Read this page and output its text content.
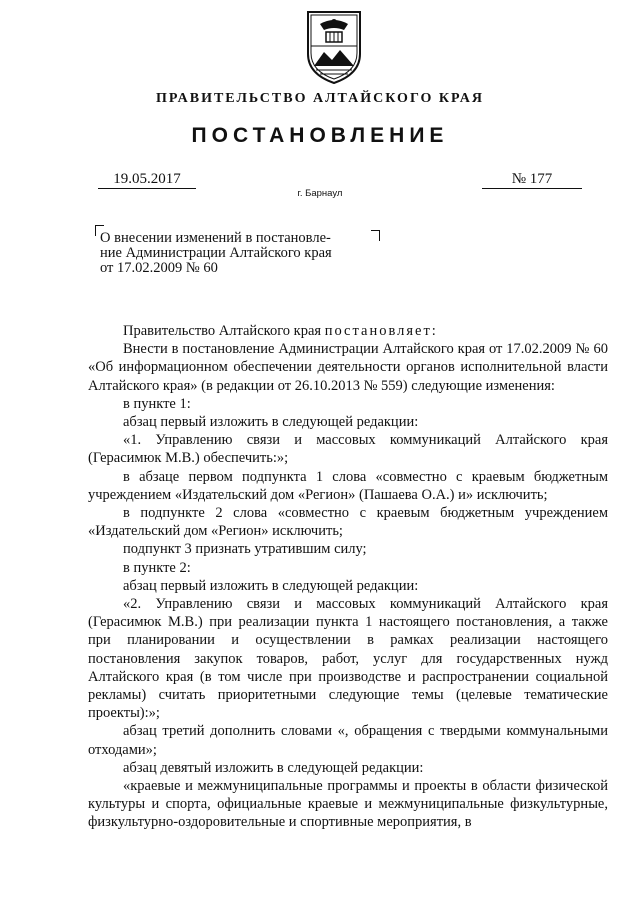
ПРАВИТЕЛЬСТВО АЛТАЙСКОГО КРАЯ
ПОСТАНОВЛЕНИЕ
19.05.2017	№ 177
г. Барнаул
О внесении изменений в постановле-
ние Администрации Алтайского края
от 17.02.2009 № 60

Правительство Алтайского края постановляет:

Внести в постановление Администрации Алтайского края от 17.02.2009 № 60 «Об информационном обеспечении деятельности органов исполнительной власти Алтайского края» (в редакции от 26.10.2013 № 559) следующие изменения:

в пункте 1:

абзац первый изложить в следующей редакции:

«1. Управлению связи и массовых коммуникаций Алтайского края (Герасимюк М.В.) обеспечить:»;

в абзаце первом подпункта 1 слова «совместно с краевым бюджетным учреждением «Издательский дом «Регион» (Пашаева О.А.) и» исключить;

в подпункте 2 слова «совместно с краевым бюджетным учреждением «Издательский дом «Регион» исключить;

подпункт 3 признать утратившим силу;

в пункте 2:

абзац первый изложить в следующей редакции:

«2. Управлению связи и массовых коммуникаций Алтайского края (Герасимюк М.В.) при реализации пункта 1 настоящего постановления, а также при планировании и осуществлении в рамках реализации настоящего постановления закупок товаров, работ, услуг для государственных нужд Алтайского края (в том числе при производстве и распространении социальной рекламы) считать приоритетными следующие темы (целевые тематические проекты):»;

абзац третий дополнить словами «, обращения с твердыми коммунальными отходами»;

абзац девятый изложить в следующей редакции:

«краевые и межмуниципальные программы и проекты в области физической культуры и спорта, официальные краевые и межмуниципальные физкультурные, физкультурно-оздоровительные и спортивные мероприятия, в
